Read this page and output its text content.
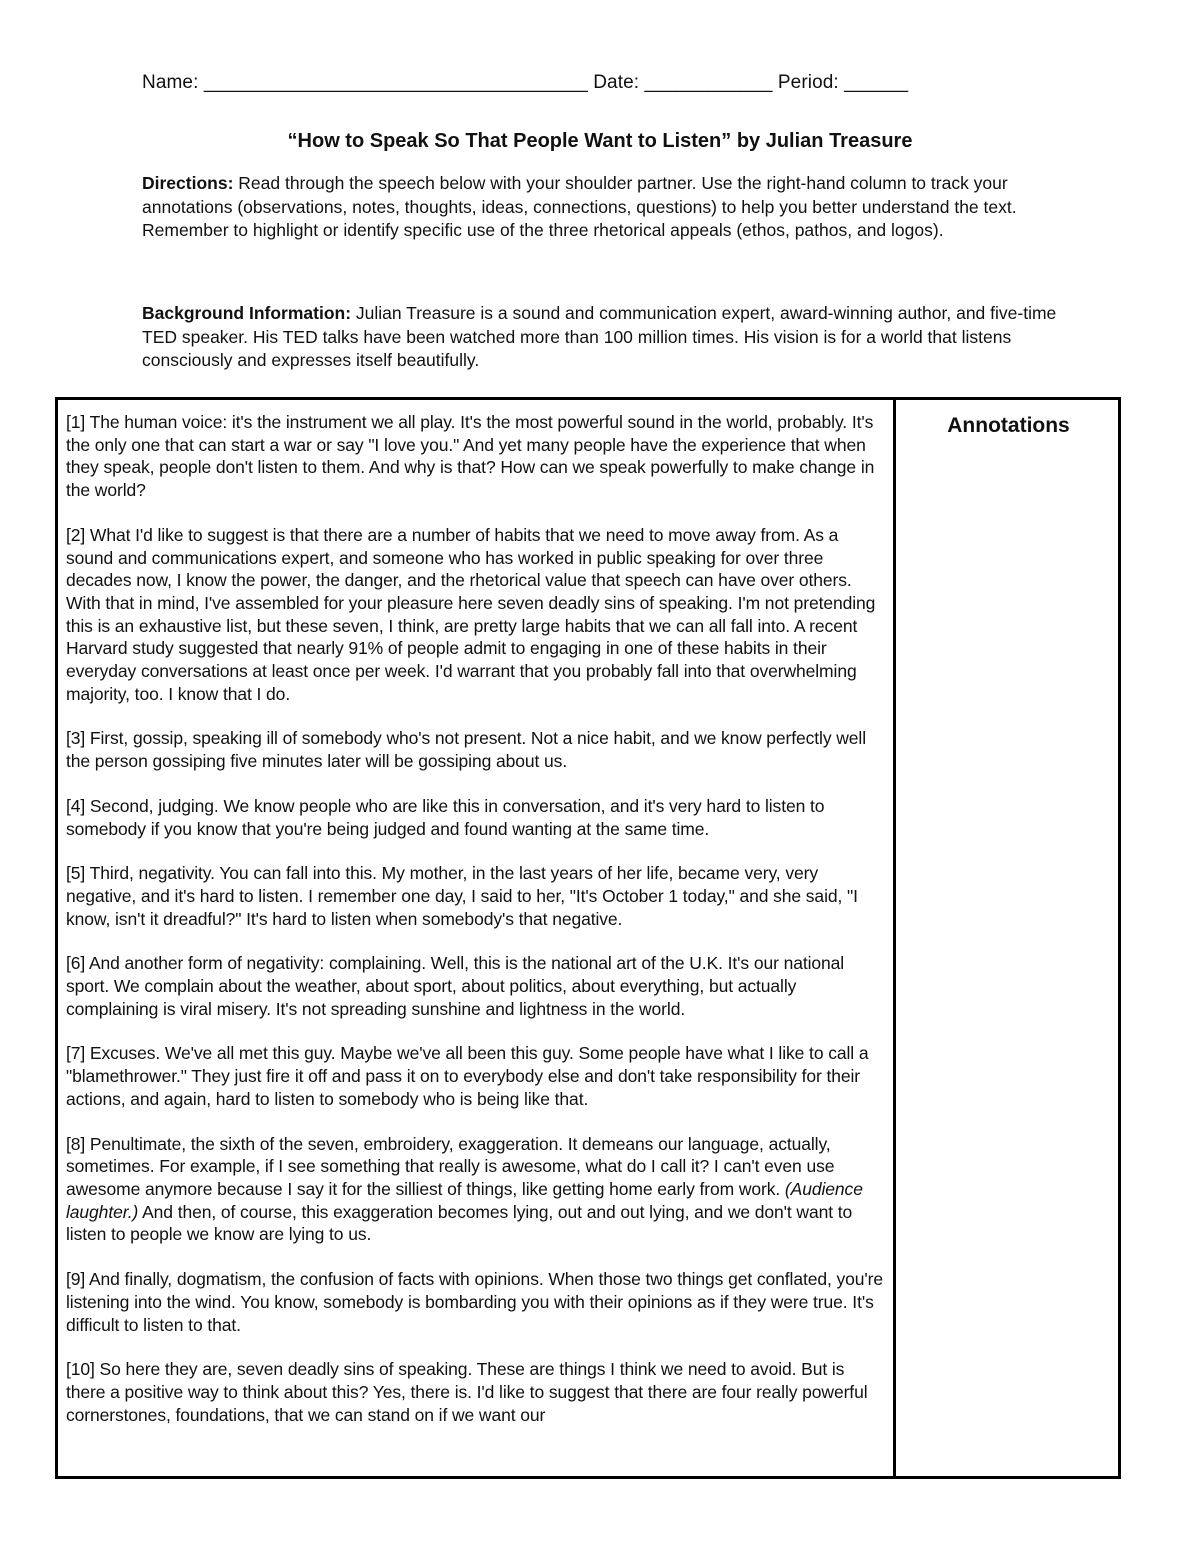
Name: ____________________________________ Date: ____________ Period: ______
“How to Speak So That People Want to Listen” by Julian Treasure
Directions: Read through the speech below with your shoulder partner. Use the right-hand column to track your annotations (observations, notes, thoughts, ideas, connections, questions) to help you better understand the text. Remember to highlight or identify specific use of the three rhetorical appeals (ethos, pathos, and logos).
Background Information: Julian Treasure is a sound and communication expert, award-winning author, and five-time TED speaker. His TED talks have been watched more than 100 million times. His vision is for a world that listens consciously and expresses itself beautifully.

[1] The human voice: it's the instrument we all play. It's the most powerful sound in the world, probably. It's the only one that can start a war or say "I love you." And yet many people have the experience that when they speak, people don't listen to them. And why is that? How can we speak powerfully to make change in the world?

[2] What I'd like to suggest is that there are a number of habits that we need to move away from. As a sound and communications expert, and someone who has worked in public speaking for over three decades now, I know the power, the danger, and the rhetorical value that speech can have over others. With that in mind, I've assembled for your pleasure here seven deadly sins of speaking. I'm not pretending this is an exhaustive list, but these seven, I think, are pretty large habits that we can all fall into. A recent Harvard study suggested that nearly 91% of people admit to engaging in one of these habits in their everyday conversations at least once per week. I'd warrant that you probably fall into that overwhelming majority, too. I know that I do.

[3] First, gossip, speaking ill of somebody who's not present. Not a nice habit, and we know perfectly well the person gossiping five minutes later will be gossiping about us.

[4] Second, judging. We know people who are like this in conversation, and it's very hard to listen to somebody if you know that you're being judged and found wanting at the same time.

[5] Third, negativity. You can fall into this. My mother, in the last years of her life, became very, very negative, and it's hard to listen. I remember one day, I said to her, "It's October 1 today," and she said, "I know, isn't it dreadful?" It's hard to listen when somebody's that negative.

[6] And another form of negativity: complaining. Well, this is the national art of the U.K. It's our national sport. We complain about the weather, about sport, about politics, about everything, but actually complaining is viral misery. It's not spreading sunshine and lightness in the world.

[7] Excuses. We've all met this guy. Maybe we've all been this guy. Some people have what I like to call a "blamethrower." They just fire it off and pass it on to everybody else and don't take responsibility for their actions, and again, hard to listen to somebody who is being like that.

[8] Penultimate, the sixth of the seven, embroidery, exaggeration. It demeans our language, actually, sometimes. For example, if I see something that really is awesome, what do I call it? I can't even use awesome anymore because I say it for the silliest of things, like getting home early from work. (Audience laughter.) And then, of course, this exaggeration becomes lying, out and out lying, and we don't want to listen to people we know are lying to us.

[9] And finally, dogmatism, the confusion of facts with opinions. When those two things get conflated, you're listening into the wind. You know, somebody is bombarding you with their opinions as if they were true. It's difficult to listen to that.

[10] So here they are, seven deadly sins of speaking. These are things I think we need to avoid. But is there a positive way to think about this? Yes, there is. I'd like to suggest that there are four really powerful cornerstones, foundations, that we can stand on if we want our

Annotations
